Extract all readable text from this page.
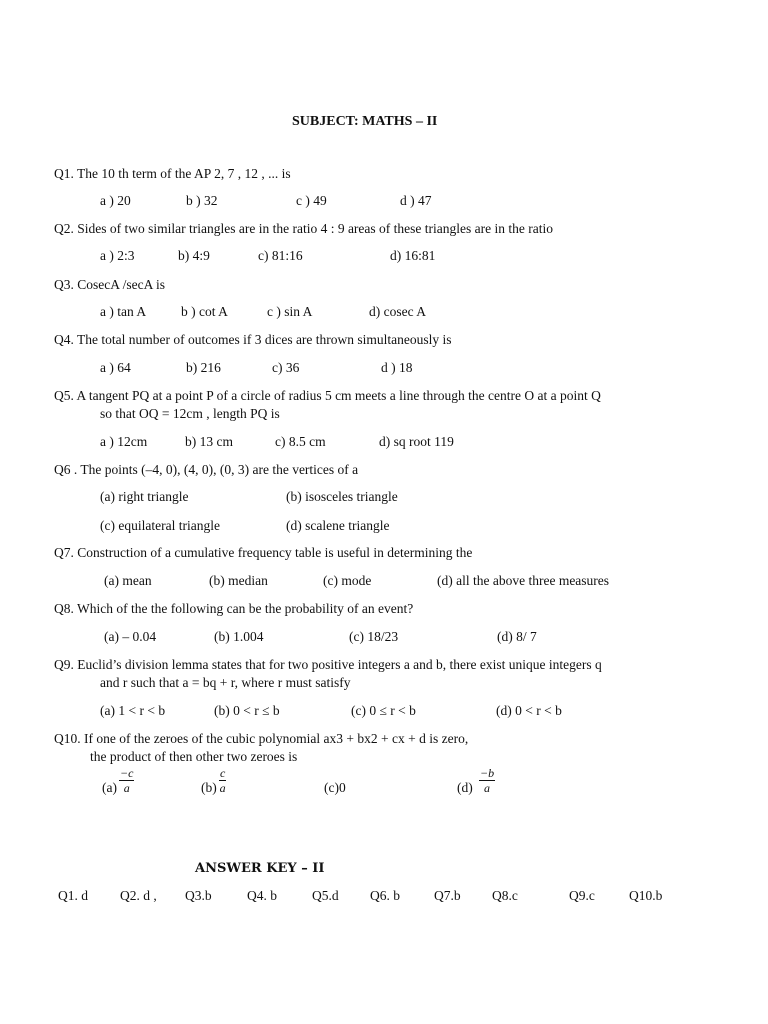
SUBJECT: MATHS – II
Q1. The 10 th term of the AP 2, 7 , 12 , ... is
a ) 20	b ) 32	c ) 49	d ) 47
Q2. Sides of two similar triangles are in the ratio 4 : 9 areas of these triangles are in the ratio
a ) 2:3	b) 4:9	c) 81:16	d) 16:81
Q3. CosecA /secA is
a ) tan A	b ) cot A	c ) sin A	d) cosec A
Q4. The total number of outcomes if 3 dices are thrown simultaneously is
a ) 64	b) 216	c) 36	d ) 18
Q5. A tangent PQ at a point P of a circle of radius 5 cm meets a line through the centre O at a point Q
so that OQ = 12cm , length PQ is
a ) 12cm	b) 13 cm	c) 8.5 cm	d) sq root 119
Q6 . The points (–4, 0), (4, 0), (0, 3) are the vertices of a
(a) right triangle	(b) isosceles triangle
(c) equilateral triangle	(d) scalene triangle
Q7. Construction of a cumulative frequency table is useful in determining the
(a) mean	(b) median	(c) mode	(d) all the above three measures
Q8. Which of the the following can be the probability of an event?
(a) – 0.04	(b) 1.004	(c) 18/23	(d) 8/ 7
Q9. Euclid’s division lemma states that for two positive integers a and b, there exist unique integers q
and r such that a = bq + r, where r must satisfy
(a) 1 < r < b	(b) 0 < r ≤ b	(c) 0 ≤ r < b	(d) 0 < r < b
Q10. If one of the zeroes of the cubic polynomial ax3 + bx2 + cx + d is zero,
the product of then other two zeroes is
$(a) \frac{-c}{a}$	$(b) \frac{c}{a}$	(c)0	$(d) \frac{-b}{a}$
ANSWER KEY – II
Q1. d Q2. d , Q3.b	Q4. b	Q5.d Q6. b	Q7.b Q8.c	Q9.c	Q10.b
